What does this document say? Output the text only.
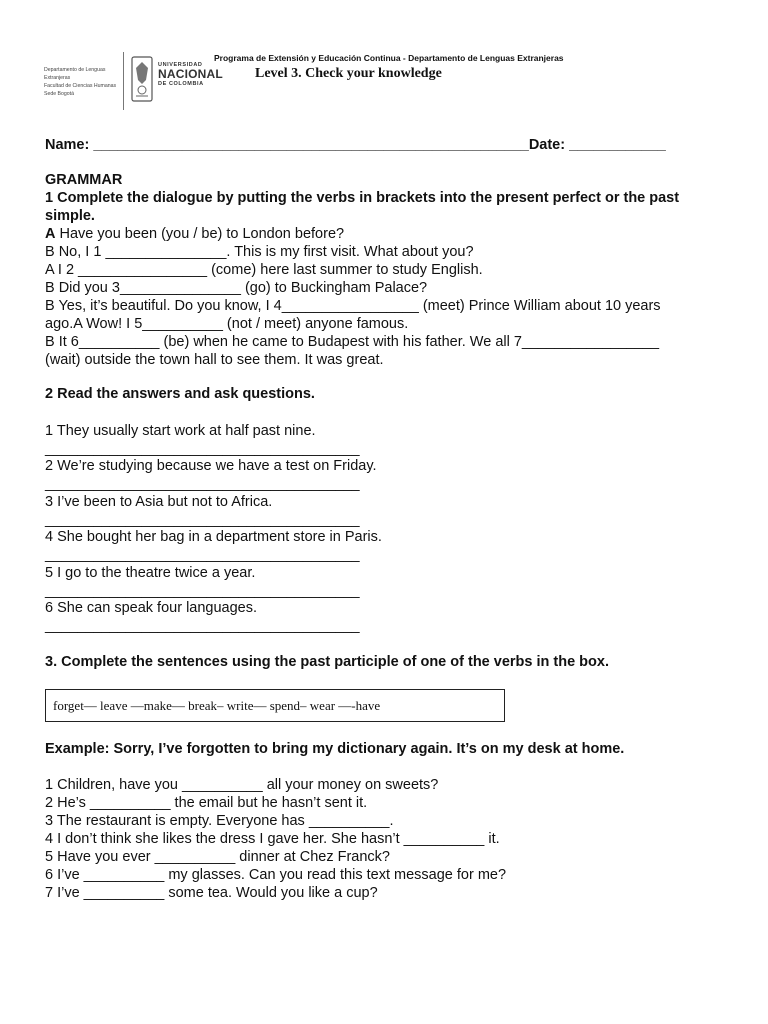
Departamento de Lenguas Extranjeras
Facultad de Ciencias Humanas
Sede Bogotá
UNIVERSIDAD
NACIONAL
DE COLOMBIA
Programa de Extensión y Educación Continua - Departamento de Lenguas Extranjeras
Level 3. Check your knowledge
Name: ______________________________________________________Date: ____________
GRAMMAR
1 Complete the dialogue by putting the verbs in brackets into the present perfect or the past
simple.
A Have you been (you / be) to London before?
B No, I 1 _______________. This is my first visit. What about you?
A I 2 ________________ (come) here last summer to study English.
B Did you 3_______________ (go) to Buckingham Palace?
B Yes, it’s beautiful. Do you know, I 4_________________ (meet) Prince William about 10 years
ago.A Wow! I 5__________ (not / meet) anyone famous.
B It 6__________ (be) when he came to Budapest with his father. We all 7_________________
(wait) outside the town hall to see them. It was great.
2 Read the answers and ask questions.
1 They usually start work at half past nine.
_______________________________________
2 We’re studying because we have a test on Friday.
_______________________________________
3 I’ve been to Asia but not to Africa.
_______________________________________
4 She bought her bag in a department store in Paris.
_______________________________________
5 I go to the theatre twice a year.
_______________________________________
6 She can speak four languages.
_______________________________________
3. Complete the sentences using the past participle of one of the verbs in the box.
forget— leave —make— break– write— spend– wear —-have
Example: Sorry, I’ve forgotten to bring my dictionary again. It’s on my desk at home.
1 Children, have you __________ all your money on sweets?
2 He’s __________ the email but he hasn’t sent it.
3 The restaurant is empty. Everyone has __________.
4 I don’t think she likes the dress I gave her. She hasn’t __________ it.
5 Have you ever __________ dinner at Chez Franck?
6 I’ve __________ my glasses. Can you read this text message for me?
7 I’ve __________ some tea. Would you like a cup?
